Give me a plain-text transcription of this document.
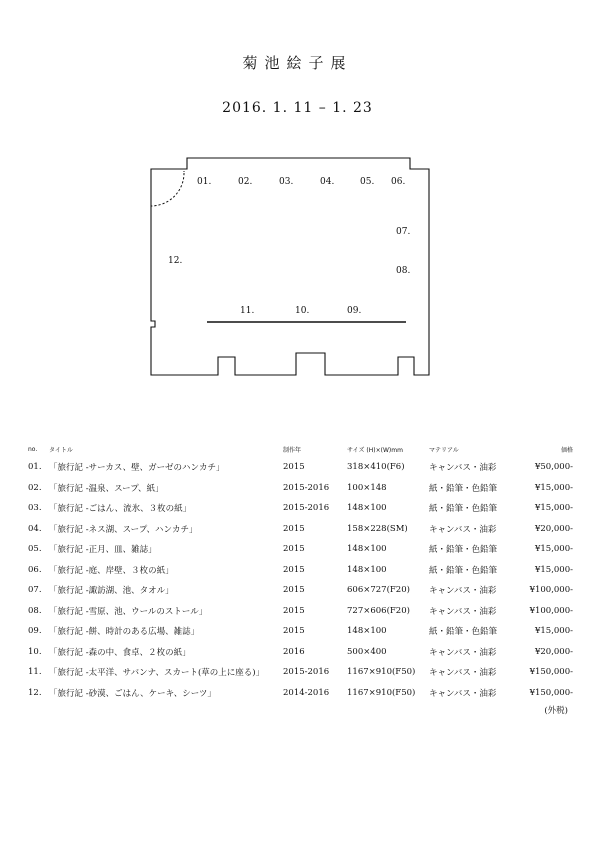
菊池絵子展
2016. 1. 11 – 1. 23
01.	02.	03.	04.	05. 06.
07.
08.
09.
10.
11.
12.
no.	タイトル	制作年	サイズ (H)×(W)mm	マテリアル	価格
01.	「旅行記 -サーカス、壁、ガーゼのハンカチ」	2015	318×410(F6)	キャンバス・油彩	¥50,000-
02.	「旅行記 -温泉、スープ、紙」	2015-2016	100×148	紙・鉛筆・色鉛筆	¥15,000-
03.	「旅行記 -ごはん、流氷、３枚の紙」	2015-2016	148×100	紙・鉛筆・色鉛筆	¥15,000-
04.	「旅行記 -ネス湖、スープ、ハンカチ」	2015	158×228(SM)	キャンバス・油彩	¥20,000-
05.	「旅行記 -正月、皿、雑誌」	2015	148×100	紙・鉛筆・色鉛筆	¥15,000-
06.	「旅行記 -庭、岸壁、３枚の紙」	2015	148×100	紙・鉛筆・色鉛筆	¥15,000-
07.	「旅行記 -諏訪湖、池、タオル」	2015	606×727(F20)	キャンバス・油彩	¥100,000-
08.	「旅行記 -雪原、池、ウールのストール」	2015	727×606(F20)	キャンバス・油彩	¥100,000-
09.	「旅行記 -餅、時計のある広場、雑誌」	2015	148×100	紙・鉛筆・色鉛筆	¥15,000-
10.	「旅行記 -森の中、食卓、２枚の紙」	2016	500×400	キャンバス・油彩	¥20,000-
11.	「旅行記 -太平洋、サバンナ、スカート(草の上に座る)」	2015-2016	1167×910(F50)	キャンバス・油彩	¥150,000-
12.	「旅行記 -砂漠、ごはん、ケーキ、シーツ」	2014-2016	1167×910(F50)	キャンバス・油彩	¥150,000-
(外税)
